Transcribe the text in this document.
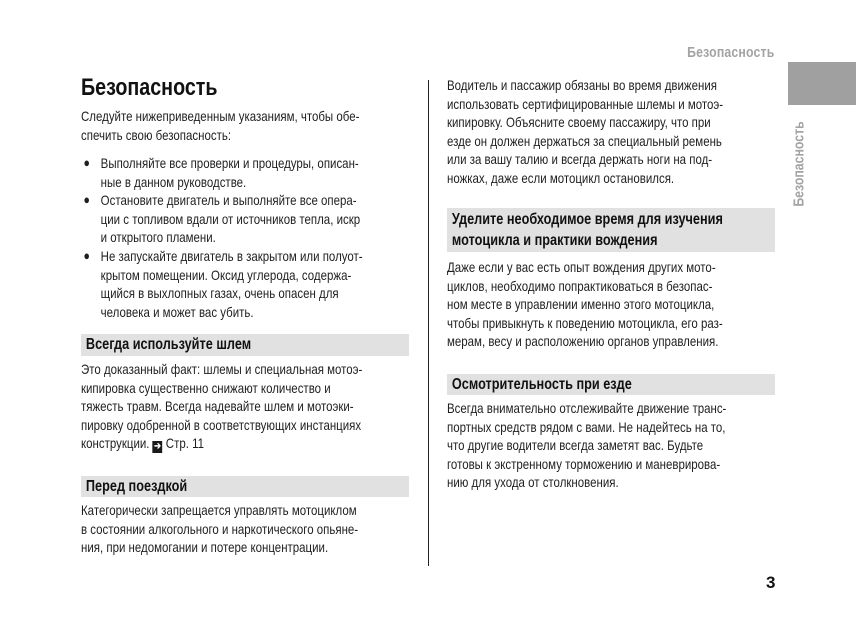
Безопасность
Безопасность
Безопасность
Следуйте нижеприведенным указаниям, чтобы обе-
спечить свою безопасность:
● Выполняйте все проверки и процедуры, описан-
ные в данном руководстве.
● Остановите двигатель и выполняйте все опера-
ции с топливом вдали от источников тепла, искр
и открытого пламени.
● Не запускайте двигатель в закрытом или полуот-
крытом помещении. Оксид углерода, содержа-
щийся в выхлопных газах, очень опасен для
человека и может вас убить.
Всегда используйте шлем
Это доказанный факт: шлемы и специальная мотоэ-
кипировка существенно снижают количество и
тяжесть травм. Всегда надевайте шлем и мотоэки-
пировку одобренной в соответствующих инстанциях
конструкции. ➔ Стр. 11
Перед поездкой
Категорически запрещается управлять мотоциклом
в состоянии алкогольного и наркотического опьяне-
ния, при недомогании и потере концентрации.
Водитель и пассажир обязаны во время движения
использовать сертифицированные шлемы и мотоэ-
кипировку. Объясните своему пассажиру, что при
езде он должен держаться за специальный ремень
или за вашу талию и всегда держать ноги на под-
ножках, даже если мотоцикл остановился.
Уделите необходимое время для изучения
мотоцикла и практики вождения
Даже если у вас есть опыт вождения других мото-
циклов, необходимо попрактиковаться в безопас-
ном месте в управлении именно этого мотоцикла,
чтобы привыкнуть к поведению мотоцикла, его раз-
мерам, весу и расположению органов управления.
Осмотрительность при езде
Всегда внимательно отслеживайте движение транс-
портных средств рядом с вами. Не надейтесь на то,
что другие водители всегда заметят вас. Будьте
готовы к экстренному торможению и маневрирова-
нию для ухода от столкновения.
3
